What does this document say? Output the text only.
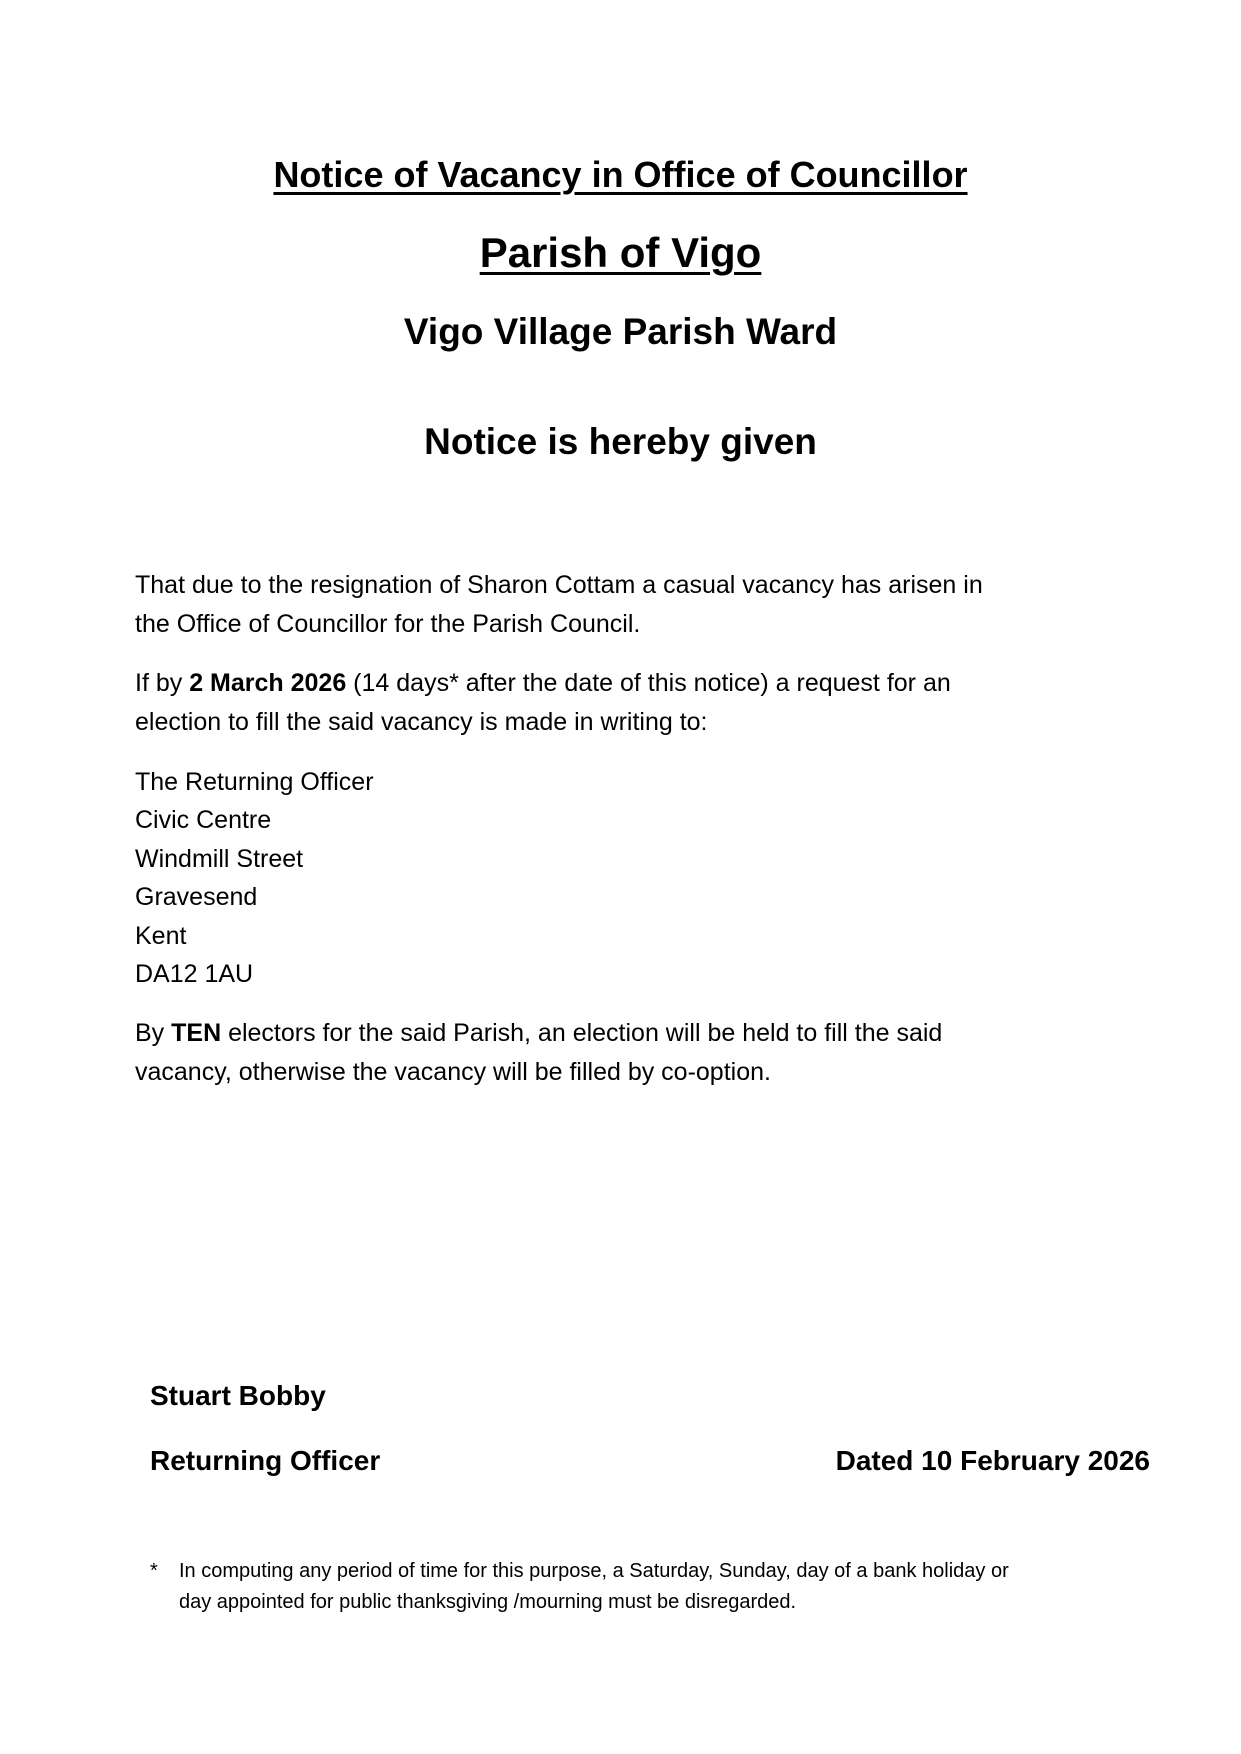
Notice of Vacancy in Office of Councillor
Parish of Vigo
Vigo Village Parish Ward
Notice is hereby given
That due to the resignation of Sharon Cottam a casual vacancy has arisen in
the Office of Councillor for the Parish Council.
If by 2 March 2026 (14 days* after the date of this notice) a request for an
election to fill the said vacancy is made in writing to:
The Returning Officer
Civic Centre
Windmill Street
Gravesend
Kent
DA12 1AU
By TEN electors for the said Parish, an election will be held to fill the said
vacancy, otherwise the vacancy will be filled by co-option.
Stuart Bobby
Returning Officer	Dated 10 February 2026
* In computing any period of time for this purpose, a Saturday, Sunday, day of a bank holiday or
day appointed for public thanksgiving /mourning must be disregarded.
